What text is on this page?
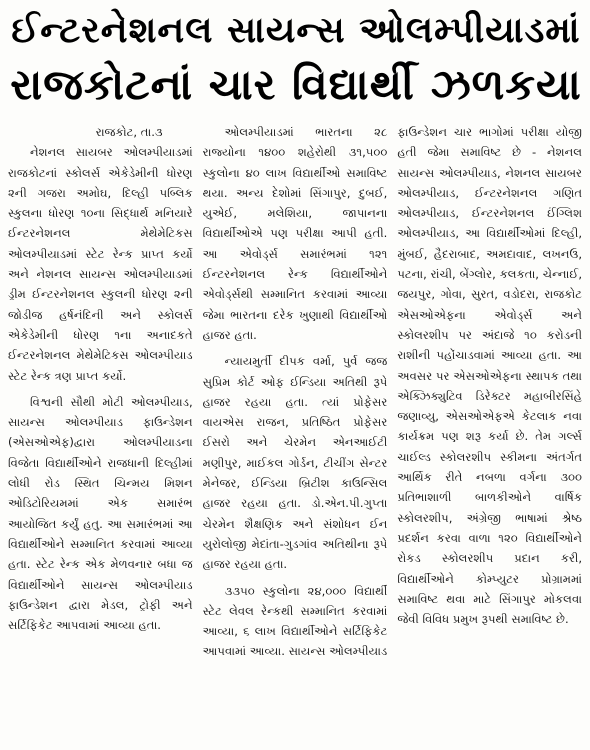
ઈન્ટરનેશનલ સાયન્સ ઓલમ્પીયાડમાં
રાજકોટનાં ચાર વિદ્યાર્થી ઝળકયા

રાજકોટ, તા.૩

નેશનલ સાયબર ઓલમ્પીયાડમાં રાજકોટનાં સ્કોલર્સ એકેડેમીની ધોરણ ૨ની ગજરા અમોઘ, દિલ્હી પબ્લિક સ્કુલના ધોરણ ૧૦ના સિદ્ધાર્થ મનિયારે ઈન્ટરનેશનલ મેથેમેટિકસ ઓલમ્પીયાડમાં સ્ટેટ રેન્ક પ્રાપ્ત કર્યો અને નેશનલ સાયન્સ ઓલમ્પીયાડમાં ડ્રીમ ઈન્ટરનેશનલ સ્કુલની ધોરણ ૨ની જોડીજ હર્ષનંદિની અને સ્કોલર્સ એકેડેમીની ધોરણ ૧ના અનાદકતે ઈન્ટરનેશનલ મેથેમેટિકસ ઓલમ્પીયાડ સ્ટેટ રેન્ક ત્રણ પ્રાપ્ત કર્યો.

વિશ્વની સૌથી મોટી ઓલમ્પીયાડ, સાયન્સ ઓલમ્પીયાડ ફાઉન્ડેશન (એસઓએફ)દ્વારા ઓલમ્પીયાડના વિજેતા વિદ્યાર્થીઓને રાજધાની દિલ્હીમાં લોધી રોડ સ્થિત ચિન્મય મિશન ઓડિટોરિયમમાં એક સમારંભ આયોજિત કર્યું હતુ. આ સમારંભમાં આ વિદ્યાર્થીઓને સમ્માનિત કરવામાં આવ્યા હતા. સ્ટેટ રેન્ક એક મેળવનાર બધા જ વિદ્યાર્થીઓને સાયન્સ ઓલમ્પીયાડ ફાઉન્ડેશન દ્વારા મેડલ, ટ્રોફી અને સર્ટિફિકેટ આપવામાં આવ્યા હતા.

ઓલમ્પીયાડમાં ભારતના ૨૮ રાજ્યોના ૧૪૦૦ શહેરોથી ૩૧,૫૦૦ સ્કુલોના ૪૦ લાખ વિદ્યાર્થીઓ સમાવિષ્ટ થયા. અન્ય દેશોમાં સિંગાપુર, દુબઈ, યુએઈ, મલેશિયા, જાપાનના વિદ્યાર્થીઓએ પણ પરીક્ષા આપી હતી. આ એવોર્ડ્સ સમારંભમાં ૧૨૧ ઈન્ટરનેશનલ રેન્ક વિદ્યાર્થીઓને એવોર્ડ્સથી સમ્માનિત કરવામાં આવ્યા જેમા ભારતના દરેક ખુણાથી વિદ્યાર્થીઓ હાજર હતા.

ન્યાયમુર્તી દીપક વર્મા, પુર્વ જજ સુપ્રિમ કોર્ટ ઓફ ઈન્ડિયા અતિથી રૂપે હાજર રહયા હતા. ત્યાં પ્રોફેસર વાયએસ રાજન, પ્રતિષ્ઠિત પ્રોફેસર ઈસરો અને ચેરમેન એનઆઈટી મણીપુર, માઈકલ ગોર્ડન, ટીચીંગ સેન્ટર મેનેજર, ઈન્ડિયા બ્રિટીશ કાઉન્સિલ હાજર રહયા હતા. ડો.એન.પી.ગુપ્તા ચેરમેન શૈક્ષણિક અને સંશોધન ઈન યુરોલોજી મેદાંતા-ગુડગાંવ અતિથીના રૂપે હાજર રહયા હતા.

૩૩૫૦ સ્કુલોના ૨૪,૦૦૦ વિદ્યાર્થી સ્ટેટ લેવલ રેન્કથી સમ્માનિત કરવામાં આવ્યા, ૬ લાખ વિદ્યાર્થીઓને સર્ટિફિકેટ આપવામાં આવ્યા. સાયન્સ ઓલમ્પીયાડ

ફાઉન્ડેશન ચાર ભાગોમાં પરીક્ષા યોજી હતી જેમા સમાવિષ્ટ છે - નેશનલ સાયન્સ ઓલમ્પીયાડ, નેશનલ સાયબર ઓલમ્પીયાડ, ઈન્ટરનેશનલ ગણિત ઓલમ્પીયાડ, ઈન્ટરનેશનલ ઈંગ્લિશ ઓલમ્પીયાડ, આ વિદ્યાર્થીઓમાં દિલ્હી, મુંબઈ, હૈદરાબાદ, અમદાવાદ, લખનઉ, પટના, રાંચી, બેંગ્લોર, કલકતા, ચેન્નાઈ, જયપુર, ગોવા, સુરત, વડોદરા, રાજકોટ એસઓએફના એવોર્ડ્સ અને સ્કોલરશીપ પર અંદાજે ૧૦ કરોડની રાશીની પહોંચાડવામાં આવ્યા હતા. આ અવસર પર એસઓએફના સ્થાપક તથા એક્ઝિક્યુટિવ ડિરેક્ટર મહાબીરસિંહે જણાવ્યુ, એસઓએફએ કેટલાક નવા કાર્યક્રમ પણ શરૂ કર્યા છે. તેમ ગર્લ્સ ચાઈલ્ડ સ્કોલરશીપ સ્કીમના અંતર્ગત આર્થિક રીતે નબળા વર્ગના ૩૦૦ પ્રતિભાશાળી બાળકીઓને વાર્ષિક સ્કોલરશીપ, અંગ્રેજી ભાષામાં શ્રેષ્ઠ પ્રદર્શન કરવા વાળા ૧૨૦ વિદ્યાર્થીઓને રોકડ સ્કોલરશીપ પ્રદાન કરી, વિદ્યાર્થીઓને કોમ્પ્યુટર પ્રોગ્રામમાં સમાવિષ્ટ થવા માટે સિંગાપુર મોકલવા જેવી વિવિધ પ્રમુખ રૂપથી સમાવિષ્ટ છે.
